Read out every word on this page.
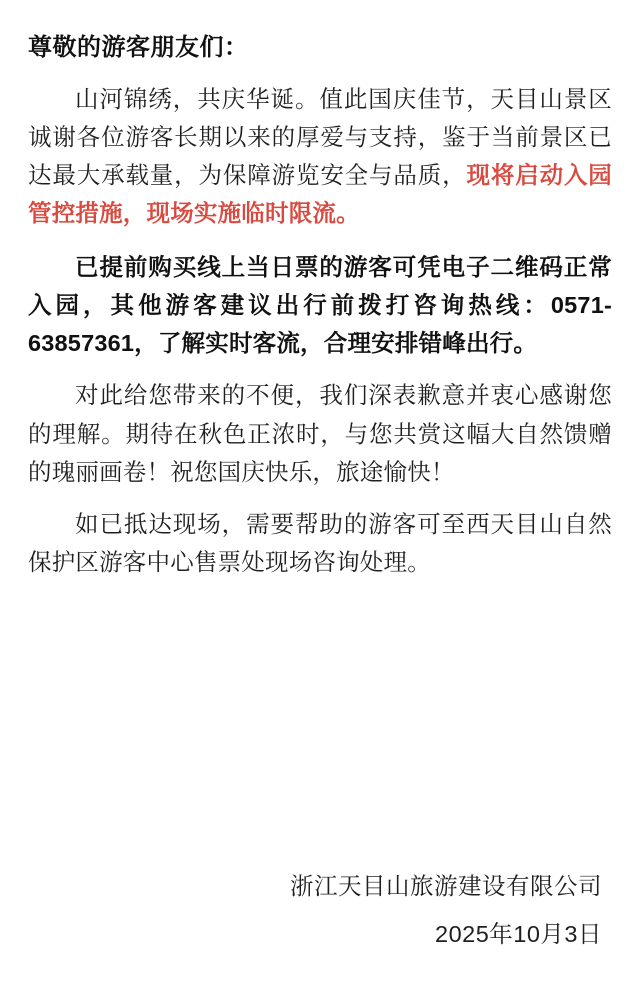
尊敬的游客朋友们：

山河锦绣，共庆华诞。值此国庆佳节，天目山景区诚谢各位游客长期以来的厚爱与支持，鉴于当前景区已达最大承载量，为保障游览安全与品质，现将启动入园管控措施，现场实施临时限流。

已提前购买线上当日票的游客可凭电子二维码正常入园，其他游客建议出行前拨打咨询热线：0571-63857361，了解实时客流，合理安排错峰出行。

对此给您带来的不便，我们深表歉意并衷心感谢您的理解。期待在秋色正浓时，与您共赏这幅大自然馈赠的瑰丽画卷！祝您国庆快乐，旅途愉快！

如已抵达现场，需要帮助的游客可至西天目山自然保护区游客中心售票处现场咨询处理。

浙江天目山旅游建设有限公司
2025年10月3日
